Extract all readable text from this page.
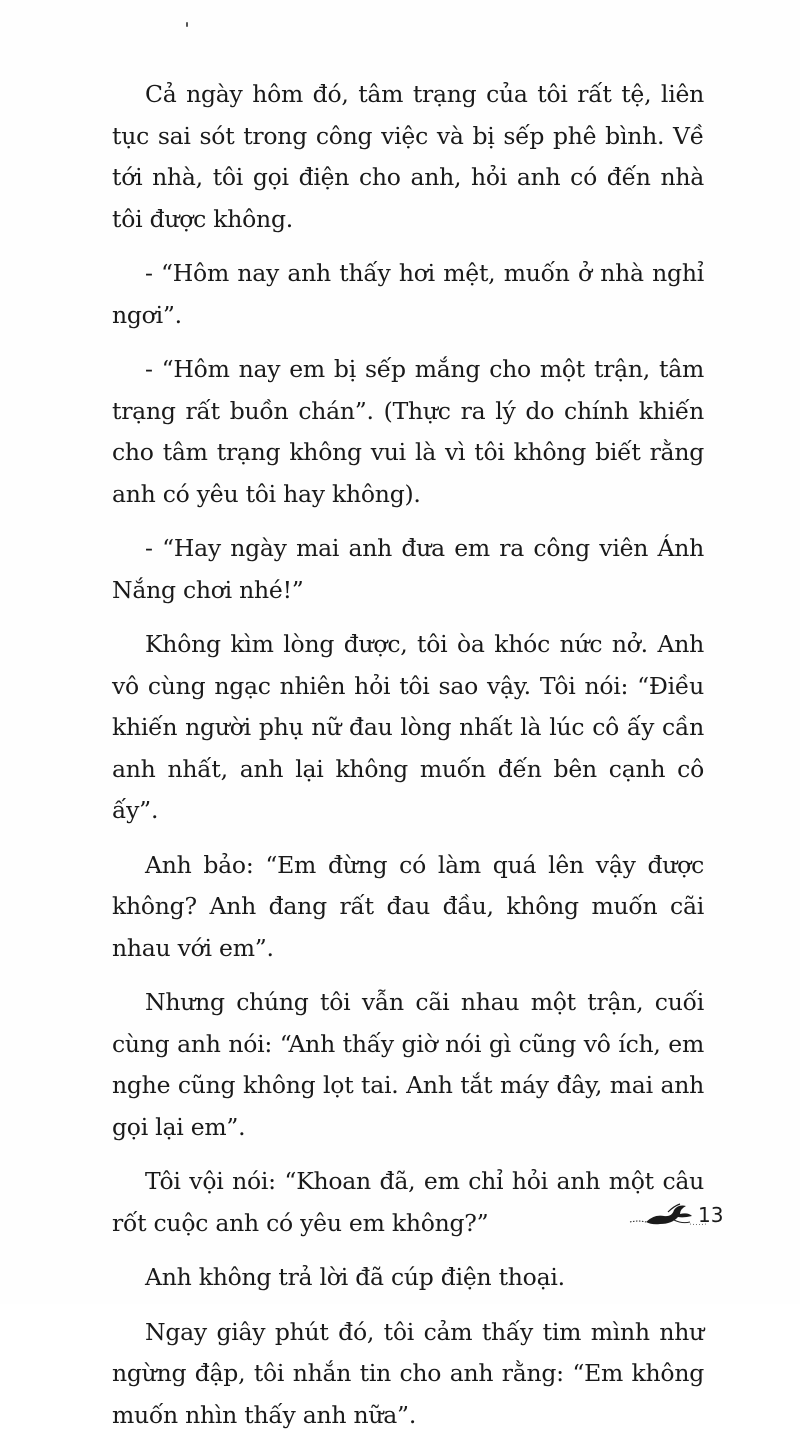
Cả ngày hôm đó, tâm trạng của tôi rất tệ, liên tục sai sót trong công việc và bị sếp phê bình. Về tới nhà, tôi gọi điện cho anh, hỏi anh có đến nhà tôi được không.

- “Hôm nay anh thấy hơi mệt, muốn ở nhà nghỉ ngơi”.

- “Hôm nay em bị sếp mắng cho một trận, tâm trạng rất buồn chán”. (Thực ra lý do chính khiến cho tâm trạng không vui là vì tôi không biết rằng anh có yêu tôi hay không).

- “Hay ngày mai anh đưa em ra công viên Ánh Nắng chơi nhé!”

Không kìm lòng được, tôi òa khóc nức nở. Anh vô cùng ngạc nhiên hỏi tôi sao vậy. Tôi nói: “Điều khiến người phụ nữ đau lòng nhất là lúc cô ấy cần anh nhất, anh lại không muốn đến bên cạnh cô ấy”.

Anh bảo: “Em đừng có làm quá lên vậy được không? Anh đang rất đau đầu, không muốn cãi nhau với em”.

Nhưng chúng tôi vẫn cãi nhau một trận, cuối cùng anh nói: “Anh thấy giờ nói gì cũng vô ích, em nghe cũng không lọt tai. Anh tắt máy đây, mai anh gọi lại em”.

Tôi vội nói: “Khoan đã, em chỉ hỏi anh một câu rốt cuộc anh có yêu em không?”

Anh không trả lời đã cúp điện thoại.

Ngay giây phút đó, tôi cảm thấy tim mình như ngừng đập, tôi nhắn tin cho anh rằng: “Em không muốn nhìn thấy anh nữa”.

13
